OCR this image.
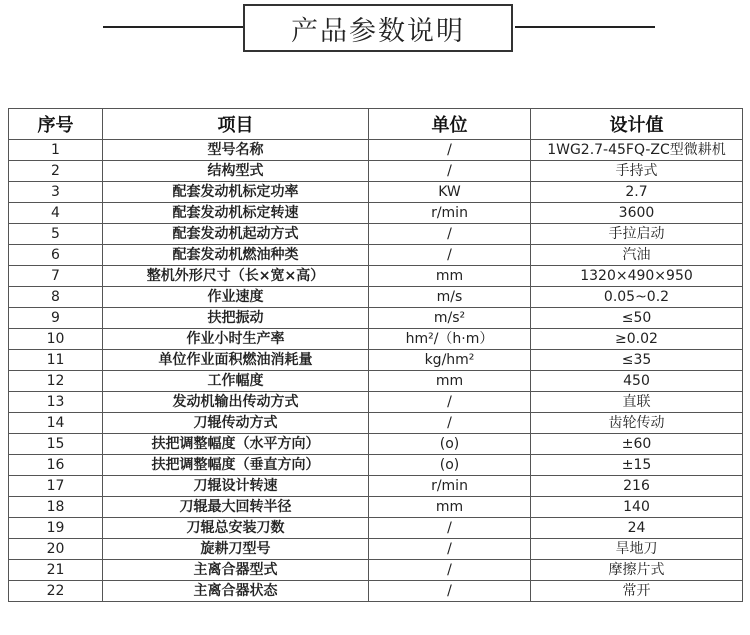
产品参数说明
序号	项目	单位	设计值
1	型号名称	/	1WG2.7-45FQ-ZC型微耕机
2	结构型式	/	手持式
3	配套发动机标定功率	KW	2.7
4	配套发动机标定转速	r/min	3600
5	配套发动机起动方式	/	手拉启动
6	配套发动机燃油种类	/	汽油
7	整机外形尺寸（长×宽×高）	mm	1320×490×950
8	作业速度	m/s	0.05~0.2
9	扶把振动	m/s²	≤50
10	作业小时生产率	hm²/（h·m）	≥0.02
11	单位作业面积燃油消耗量	kg/hm²	≤35
12	工作幅度	mm	450
13	发动机输出传动方式	/	直联
14	刀辊传动方式	/	齿轮传动
15	扶把调整幅度（水平方向）	(o)	±60
16	扶把调整幅度（垂直方向）	(o)	±15
17	刀辊设计转速	r/min	216
18	刀辊最大回转半径	mm	140
19	刀辊总安装刀数	/	24
20	旋耕刀型号	/	旱地刀
21	主离合器型式	/	摩擦片式
22	主离合器状态	/	常开
